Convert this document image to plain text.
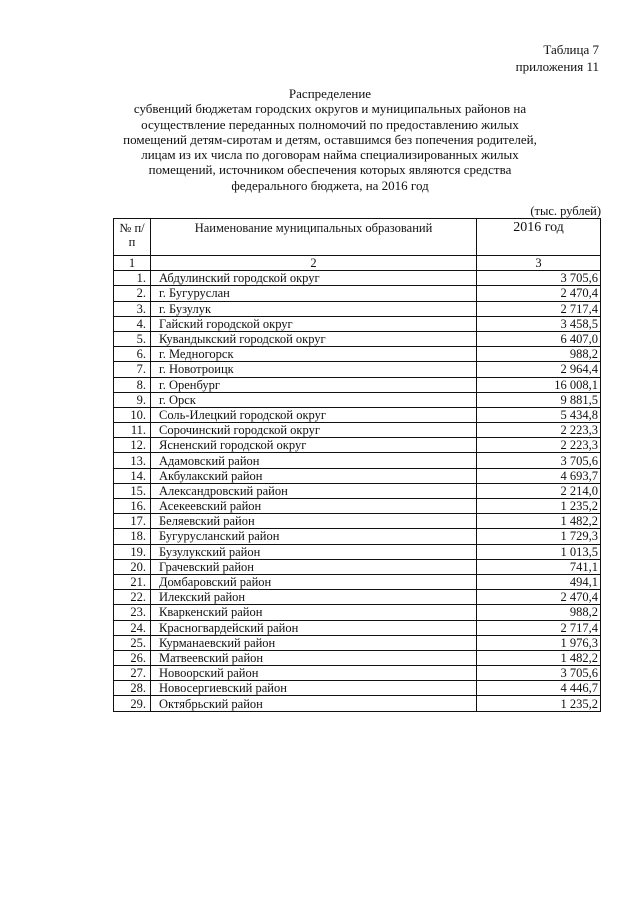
Таблица 7
приложения 11
Распределение
субвенций бюджетам городских округов и муниципальных районов на
осуществление переданных полномочий по предоставлению жилых
помещений детям-сиротам и детям, оставшимся без попечения родителей,
лицам из их числа по договорам найма специализированных жилых
помещений, источником обеспечения которых являются средства
федерального бюджета, на 2016 год
(тыс. рублей)
№ п/п	Наименование муниципальных образований	2016 год
1	2	3
1.	Абдулинский городской округ	3 705,6
2.	г. Бугуруслан	2 470,4
3.	г. Бузулук	2 717,4
4.	Гайский городской округ	3 458,5
5.	Кувандыкский городской округ	6 407,0
6.	г. Медногорск	988,2
7.	г. Новотроицк	2 964,4
8.	г. Оренбург	16 008,1
9.	г. Орск	9 881,5
10.	Соль-Илецкий городской округ	5 434,8
11.	Сорочинский городской округ	2 223,3
12.	Ясненский городской округ	2 223,3
13.	Адамовский район	3 705,6
14.	Акбулакский район	4 693,7
15.	Александровский район	2 214,0
16.	Асекеевский район	1 235,2
17.	Беляевский район	1 482,2
18.	Бугурусланский район	1 729,3
19.	Бузулукский район	1 013,5
20.	Грачевский район	741,1
21.	Домбаровский район	494,1
22.	Илекский район	2 470,4
23.	Кваркенский район	988,2
24.	Красногвардейский район	2 717,4
25.	Курманаевский район	1 976,3
26.	Матвеевский район	1 482,2
27.	Новоорский район	3 705,6
28.	Новосергиевский район	4 446,7
29.	Октябрьский район	1 235,2
